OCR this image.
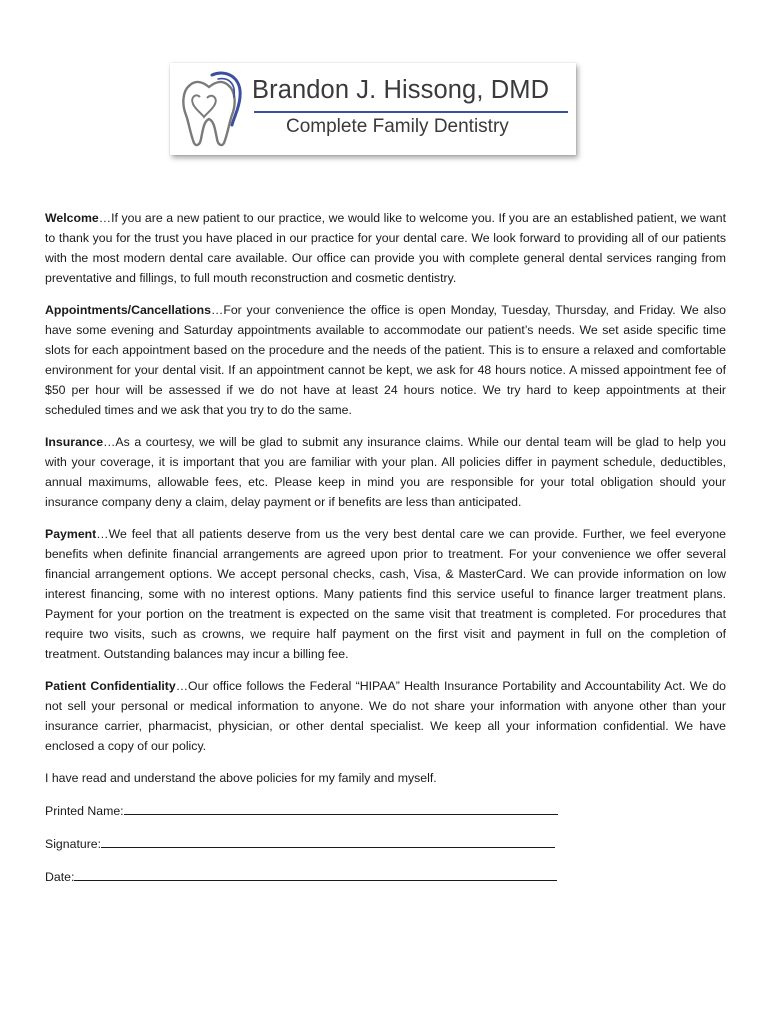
Brandon J. Hissong, DMD
Complete Family Dentistry

Welcome…If you are a new patient to our practice, we would like to welcome you. If you are an established patient, we want to thank you for the trust you have placed in our practice for your dental care. We look forward to providing all of our patients with the most modern dental care available. Our office can provide you with complete general dental services ranging from preventative and fillings, to full mouth reconstruction and cosmetic dentistry.

Appointments/Cancellations…For your convenience the office is open Monday, Tuesday, Thursday, and Friday. We also have some evening and Saturday appointments available to accommodate our patient’s needs. We set aside specific time slots for each appointment based on the procedure and the needs of the patient. This is to ensure a relaxed and comfortable environment for your dental visit. If an appointment cannot be kept, we ask for 48 hours notice. A missed appointment fee of $50 per hour will be assessed if we do not have at least 24 hours notice. We try hard to keep appointments at their scheduled times and we ask that you try to do the same.

Insurance…As a courtesy, we will be glad to submit any insurance claims. While our dental team will be glad to help you with your coverage, it is important that you are familiar with your plan. All policies differ in payment schedule, deductibles, annual maximums, allowable fees, etc. Please keep in mind you are responsible for your total obligation should your insurance company deny a claim, delay payment or if benefits are less than anticipated.

Payment…We feel that all patients deserve from us the very best dental care we can provide. Further, we feel everyone benefits when definite financial arrangements are agreed upon prior to treatment. For your convenience we offer several financial arrangement options. We accept personal checks, cash, Visa, & MasterCard. We can provide information on low interest financing, some with no interest options. Many patients find this service useful to finance larger treatment plans. Payment for your portion on the treatment is expected on the same visit that treatment is completed. For procedures that require two visits, such as crowns, we require half payment on the first visit and payment in full on the completion of treatment. Outstanding balances may incur a billing fee.

Patient Confidentiality…Our office follows the Federal “HIPAA” Health Insurance Portability and Accountability Act. We do not sell your personal or medical information to anyone. We do not share your information with anyone other than your insurance carrier, pharmacist, physician, or other dental specialist. We keep all your information confidential. We have enclosed a copy of our policy.

I have read and understand the above policies for my family and myself.

Printed Name:
Signature:
Date:
